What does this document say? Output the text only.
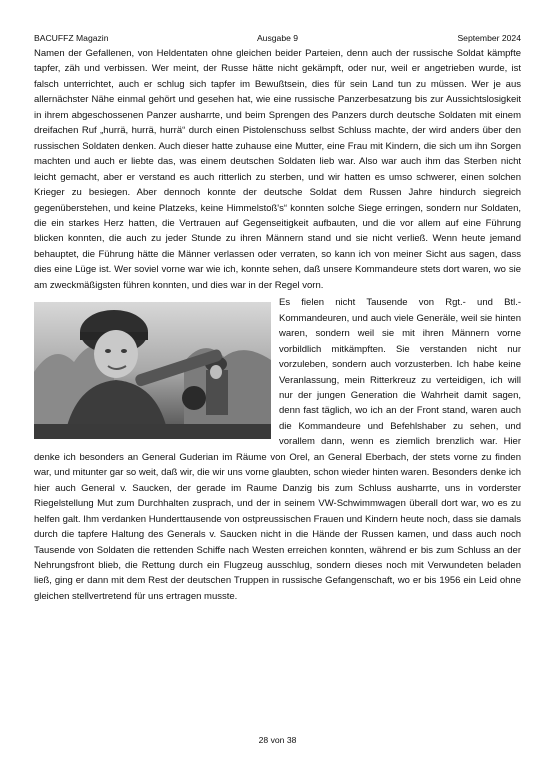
BACUFFZ Magazin	Ausgabe 9	September 2024

Namen der Gefallenen, von Heldentaten ohne gleichen beider Parteien, denn auch der russische Soldat kämpfte tapfer, zäh und verbissen. Wer meint, der Russe hätte nicht gekämpft, oder nur, weil er angetrieben wurde, ist falsch unterrichtet, auch er schlug sich tapfer im Bewußtsein, dies für sein Land tun zu müssen. Wer je aus allernächster Nähe einmal gehört und gesehen hat, wie eine russische Panzerbesatzung bis zur Aussichtslosigkeit in ihrem abgeschossenen Panzer ausharrte, und beim Sprengen des Panzers durch deutsche Soldaten mit einem dreifachen Ruf „hurrä, hurrä, hurrä“ durch einen Pistolenschuss selbst Schluss machte, der wird anders über den russischen Soldaten denken. Auch dieser hatte zuhause eine Mutter, eine Frau mit Kindern, die sich um ihn Sorgen machten und auch er liebte das, was einem deutschen Soldaten lieb war. Also war auch ihm das Sterben nicht leicht gemacht, aber er verstand es auch ritterlich zu sterben, und wir hatten es umso schwerer, einen solchen Krieger zu besiegen. Aber dennoch konnte der deutsche Soldat dem Russen Jahre hindurch siegreich gegenüberstehen, und keine Platzeks, keine Himmelstoß's“ konnten solche Siege erringen, sondern nur Soldaten, die ein starkes Herz hatten, die Vertrauen auf Gegenseitigkeit aufbauten, und die vor allem auf eine Führung blicken konnten, die auch zu jeder Stunde zu ihren Männern stand und sie nicht verließ. Wenn heute jemand behauptet, die Führung hätte die Männer verlassen oder verraten, so kann ich von meiner Sicht aus sagen, dass dies eine Lüge ist. Wer soviel vorne war wie ich, konnte sehen, daß unsere Kommandeure stets dort waren, wo sie am zweckmäßigsten führen konnten, und dies war in der Regel vorn.

Es fielen nicht Tausende von Rgt.- und Btl.-Kommandeuren, und auch viele Generäle, weil sie hinten waren, sondern weil sie mit ihren Männern vorne vorbildlich mitkämpften. Sie verstanden nicht nur vorzuleben, sondern auch vorzusterben. Ich habe keine Veranlassung, mein Ritterkreuz zu verteidigen, ich will nur der jungen Generation die Wahrheit damit sagen, denn fast täglich, wo ich an der Front stand, waren auch die Kommandeure und Befehlshaber zu sehen, und vorallem dann, wenn es ziemlich brenzlich war. Hier denke ich besonders an General Guderian im Räume von Orel, an General Eberbach, der stets vorne zu finden war, und mitunter gar so weit, daß wir, die wir uns vorne glaubten, schon wieder hinten waren. Besonders denke ich hier auch General v. Saucken, der gerade im Raume Danzig bis zum Schluss ausharrte, uns in vorderster Riegelstellung Mut zum Durchhalten zusprach, und der in seinem VW-Schwimmwagen überall dort war, wo es zu helfen galt. Ihm verdanken Hunderttausende von ostpreussischen Frauen und Kindern heute noch, dass sie damals durch die tapfere Haltung des Generals v. Saucken nicht in die Hände der Russen kamen, und dass auch noch Tausende von Soldaten die rettenden Schiffe nach Westen erreichen konnten, während er bis zum Schluss an der Nehrungsfront blieb, die Rettung durch ein Flugzeug ausschlug, sondern dieses noch mit Verwundeten beladen ließ, ging er dann mit dem Rest der deutschen Truppen in russische Gefangenschaft, wo er bis 1956 ein Leid ohne gleichen stellvertretend für uns ertragen musste.

28 von 38
